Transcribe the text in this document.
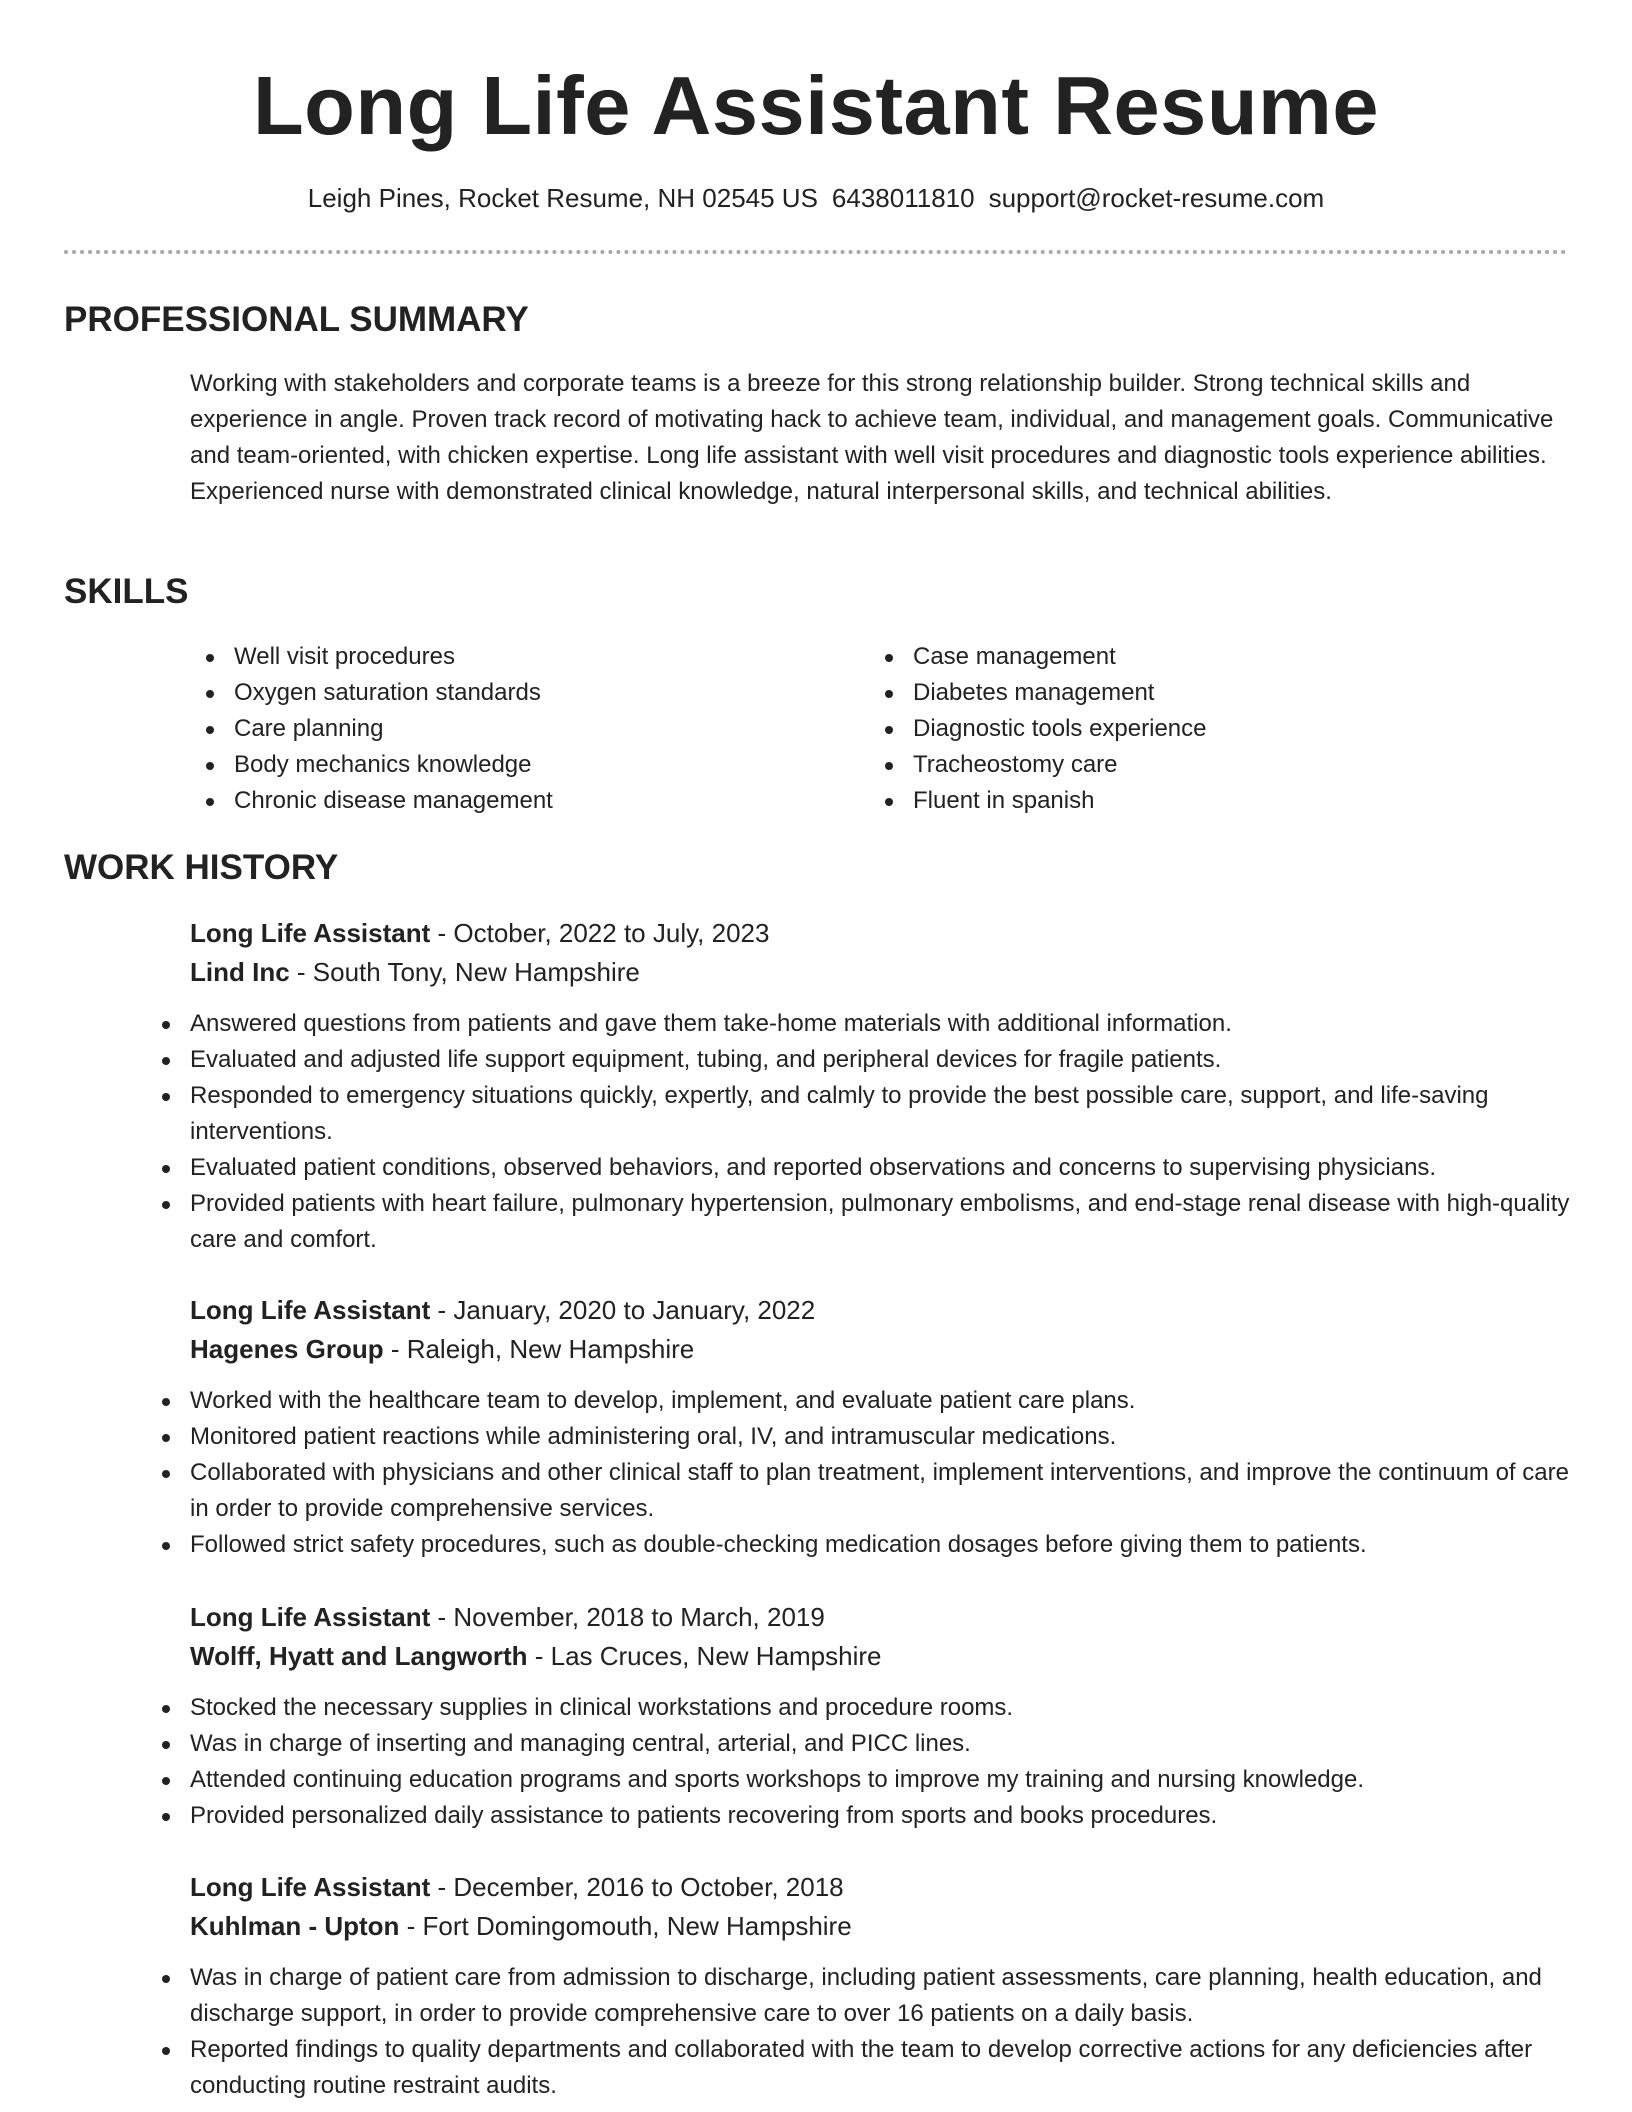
Long Life Assistant Resume
Leigh Pines, Rocket Resume, NH 02545 US 6438011810 support@rocket-resume.com
PROFESSIONAL SUMMARY
Working with stakeholders and corporate teams is a breeze for this strong relationship builder. Strong technical skills and experience in angle. Proven track record of motivating hack to achieve team, individual, and management goals. Communicative and team-oriented, with chicken expertise. Long life assistant with well visit procedures and diagnostic tools experience abilities. Experienced nurse with demonstrated clinical knowledge, natural interpersonal skills, and technical abilities.
SKILLS
Well visit procedures
Oxygen saturation standards
Care planning
Body mechanics knowledge
Chronic disease management
Case management
Diabetes management
Diagnostic tools experience
Tracheostomy care
Fluent in spanish
WORK HISTORY
Long Life Assistant - October, 2022 to July, 2023
Lind Inc - South Tony, New Hampshire
Answered questions from patients and gave them take-home materials with additional information.
Evaluated and adjusted life support equipment, tubing, and peripheral devices for fragile patients.
Responded to emergency situations quickly, expertly, and calmly to provide the best possible care, support, and life-saving interventions.
Evaluated patient conditions, observed behaviors, and reported observations and concerns to supervising physicians.
Provided patients with heart failure, pulmonary hypertension, pulmonary embolisms, and end-stage renal disease with high-quality care and comfort.
Long Life Assistant - January, 2020 to January, 2022
Hagenes Group - Raleigh, New Hampshire
Worked with the healthcare team to develop, implement, and evaluate patient care plans.
Monitored patient reactions while administering oral, IV, and intramuscular medications.
Collaborated with physicians and other clinical staff to plan treatment, implement interventions, and improve the continuum of care in order to provide comprehensive services.
Followed strict safety procedures, such as double-checking medication dosages before giving them to patients.
Long Life Assistant - November, 2018 to March, 2019
Wolff, Hyatt and Langworth - Las Cruces, New Hampshire
Stocked the necessary supplies in clinical workstations and procedure rooms.
Was in charge of inserting and managing central, arterial, and PICC lines.
Attended continuing education programs and sports workshops to improve my training and nursing knowledge.
Provided personalized daily assistance to patients recovering from sports and books procedures.
Long Life Assistant - December, 2016 to October, 2018
Kuhlman - Upton - Fort Domingomouth, New Hampshire
Was in charge of patient care from admission to discharge, including patient assessments, care planning, health education, and discharge support, in order to provide comprehensive care to over 16 patients on a daily basis.
Reported findings to quality departments and collaborated with the team to develop corrective actions for any deficiencies after conducting routine restraint audits.
